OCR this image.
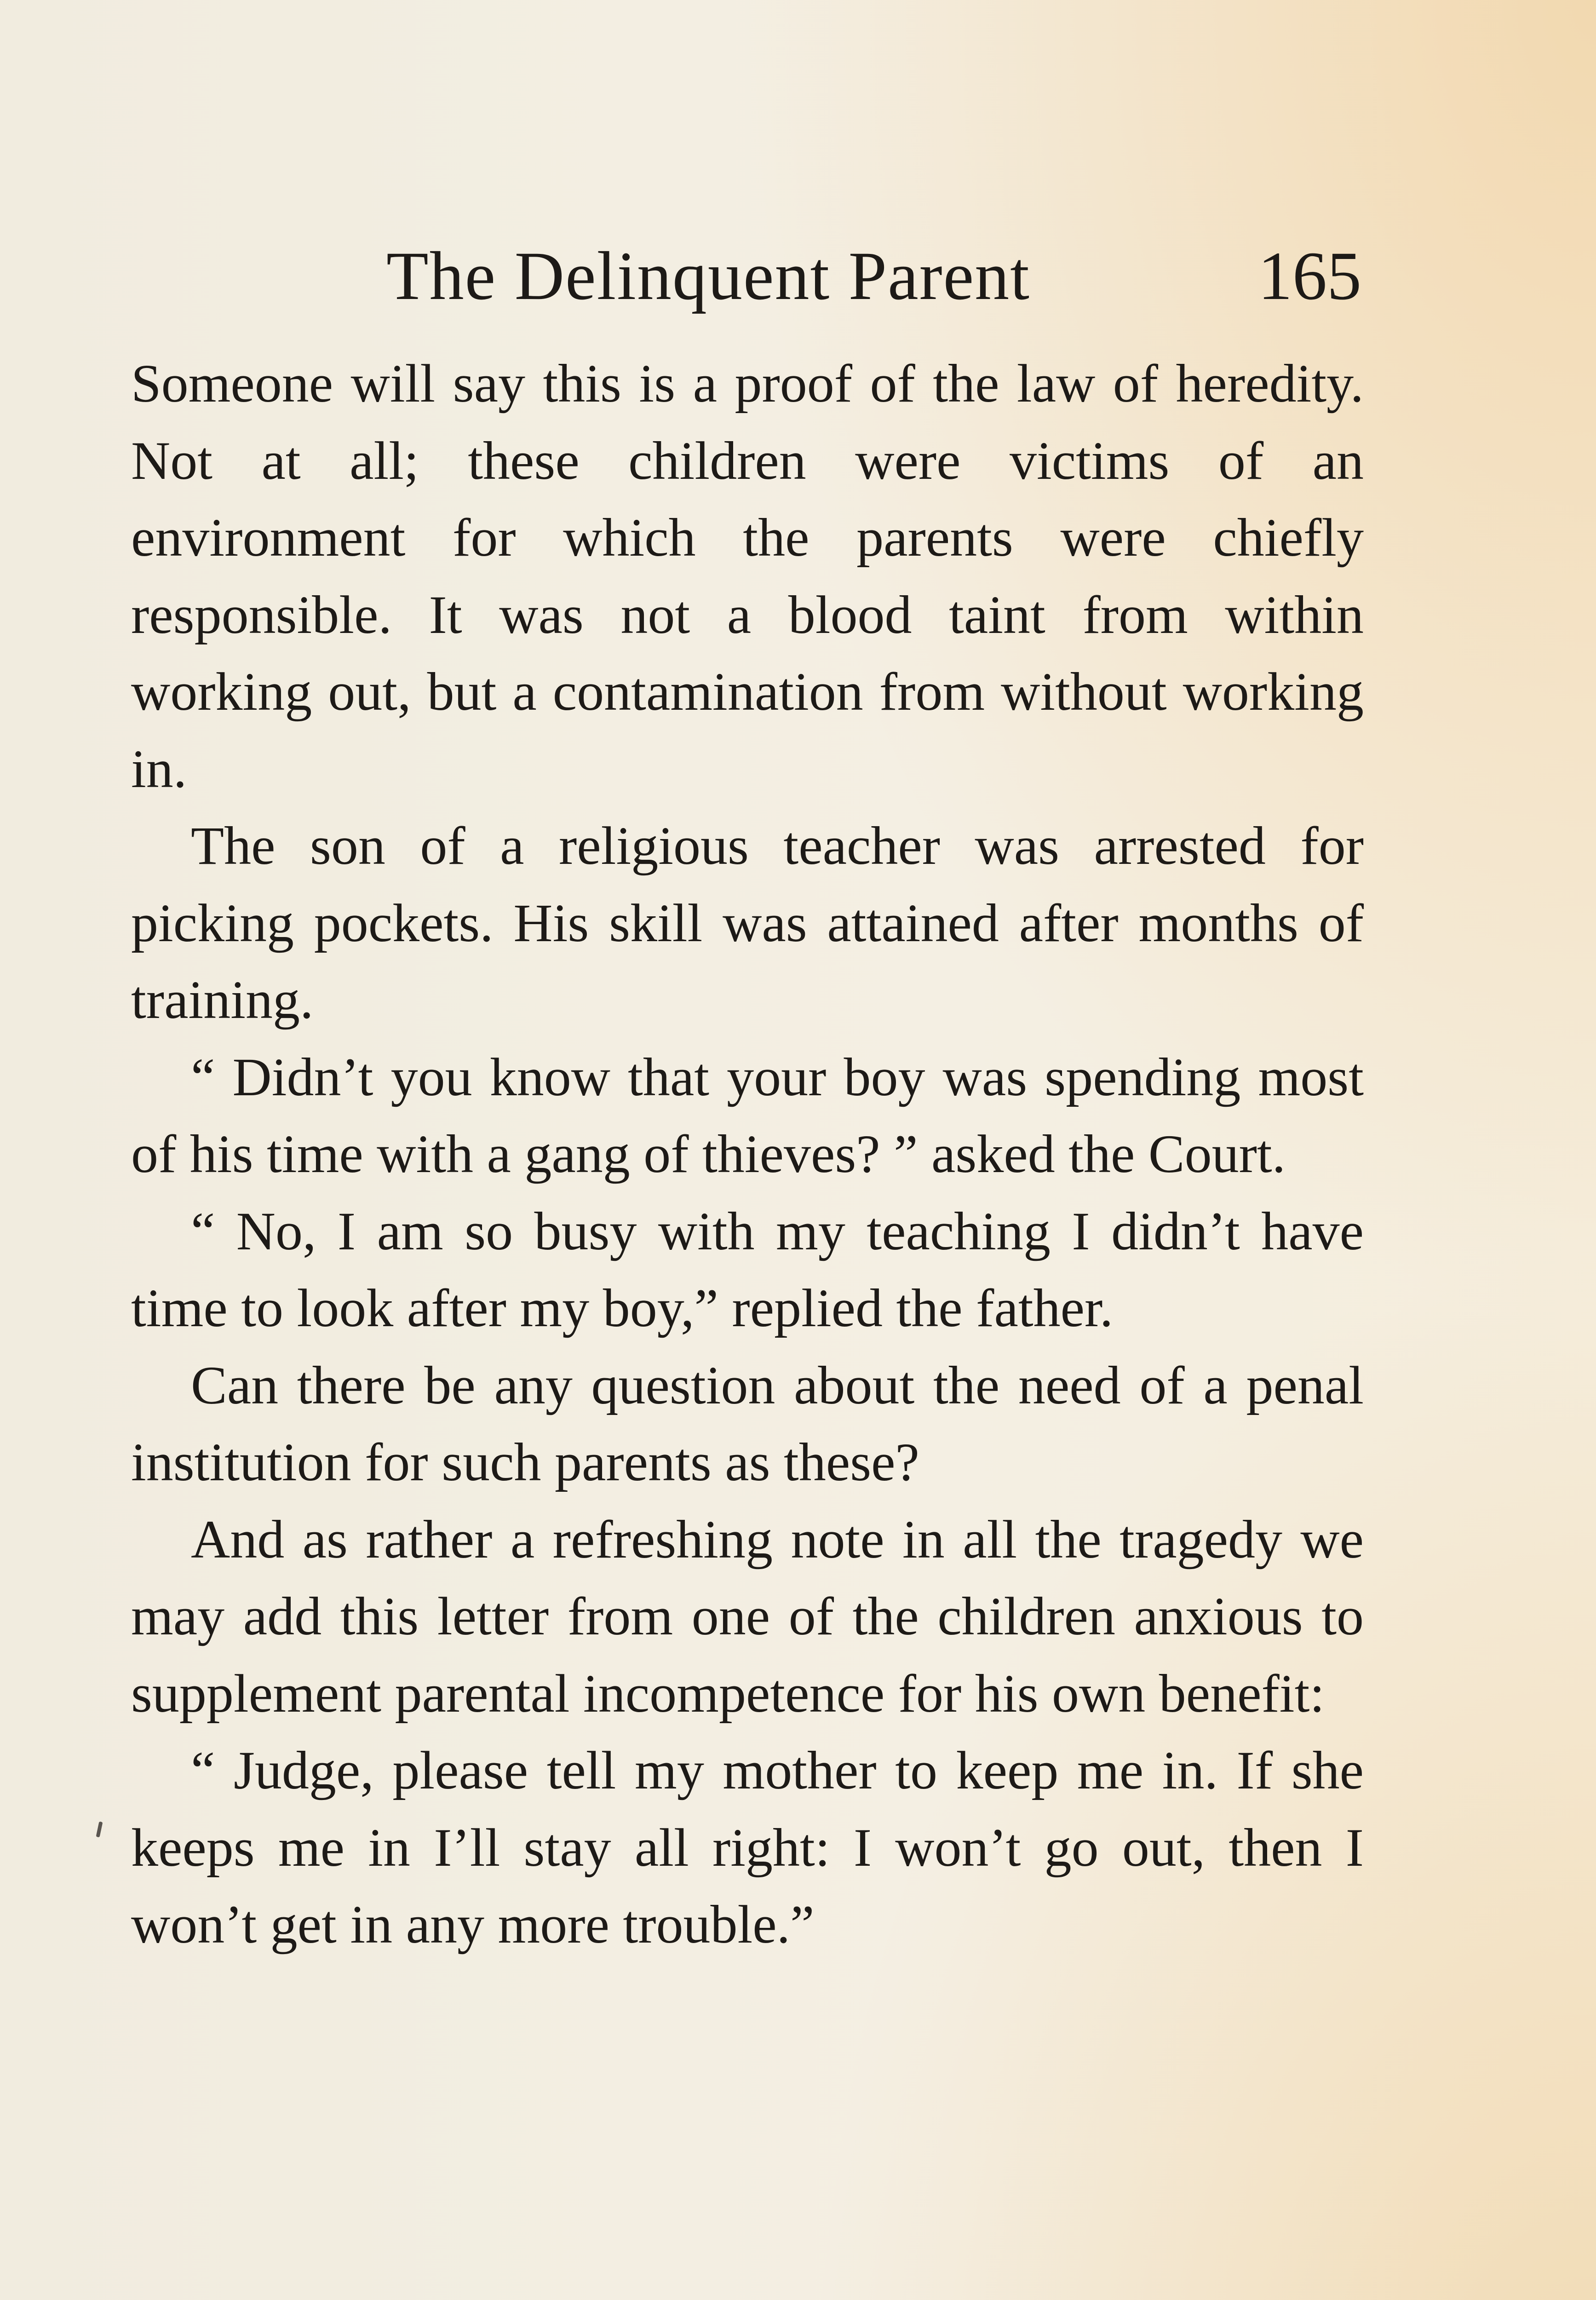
The Delinquent Parent	165

Someone will say this is a proof of the law of heredity. Not at all; these children were victims of an environment for which the parents were chiefly responsible. It was not a blood taint from within working out, but a contamination from without working in.

The son of a religious teacher was arrested for picking pockets. His skill was attained after months of training.

“ Didn’t you know that your boy was spending most of his time with a gang of thieves? ” asked the Court.

“ No, I am so busy with my teaching I didn’t have time to look after my boy,” replied the father.

Can there be any question about the need of a penal institution for such parents as these?

And as rather a refreshing note in all the tragedy we may add this letter from one of the children anxious to supplement parental incompetence for his own benefit:

“ Judge, please tell my mother to keep me in. If she keeps me in I’ll stay all right: I won’t go out, then I won’t get in any more trouble.”
